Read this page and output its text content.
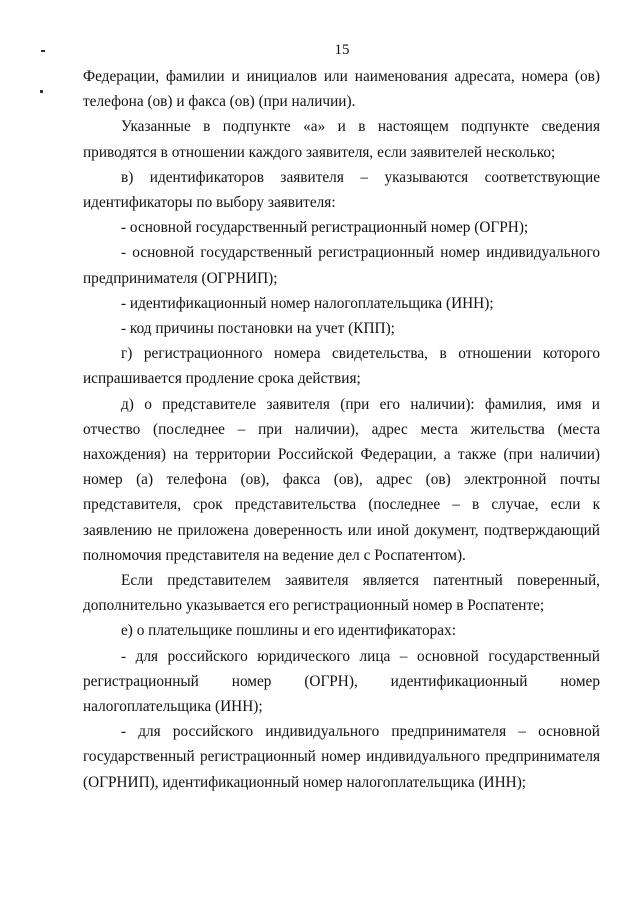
15

Федерации, фамилии и инициалов или наименования адресата, номера (ов) телефона (ов) и факса (ов) (при наличии).

Указанные в подпункте «а» и в настоящем подпункте сведения приводятся в отношении каждого заявителя, если заявителей несколько;

в) идентификаторов заявителя – указываются соответствующие идентификаторы по выбору заявителя:

- основной государственный регистрационный номер (ОГРН);

- основной государственный регистрационный номер индивидуального предпринимателя (ОГРНИП);

- идентификационный номер налогоплательщика (ИНН);

- код причины постановки на учет (КПП);

г) регистрационного номера свидетельства, в отношении которого испрашивается продление срока действия;

д) о представителе заявителя (при его наличии): фамилия, имя и отчество (последнее – при наличии), адрес места жительства (места нахождения) на территории Российской Федерации, а также (при наличии) номер (а) телефона (ов), факса (ов), адрес (ов) электронной почты представителя, срок представительства (последнее – в случае, если к заявлению не приложена доверенность или иной документ, подтверждающий полномочия представителя на ведение дел с Роспатентом).

Если представителем заявителя является патентный поверенный, дополнительно указывается его регистрационный номер в Роспатенте;

е) о плательщике пошлины и его идентификаторах:

- для российского юридического лица – основной государственный регистрационный номер (ОГРН), идентификационный номер налогоплательщика (ИНН);

- для российского индивидуального предпринимателя – основной государственный регистрационный номер индивидуального предпринимателя (ОГРНИП), идентификационный номер налогоплательщика (ИНН);
